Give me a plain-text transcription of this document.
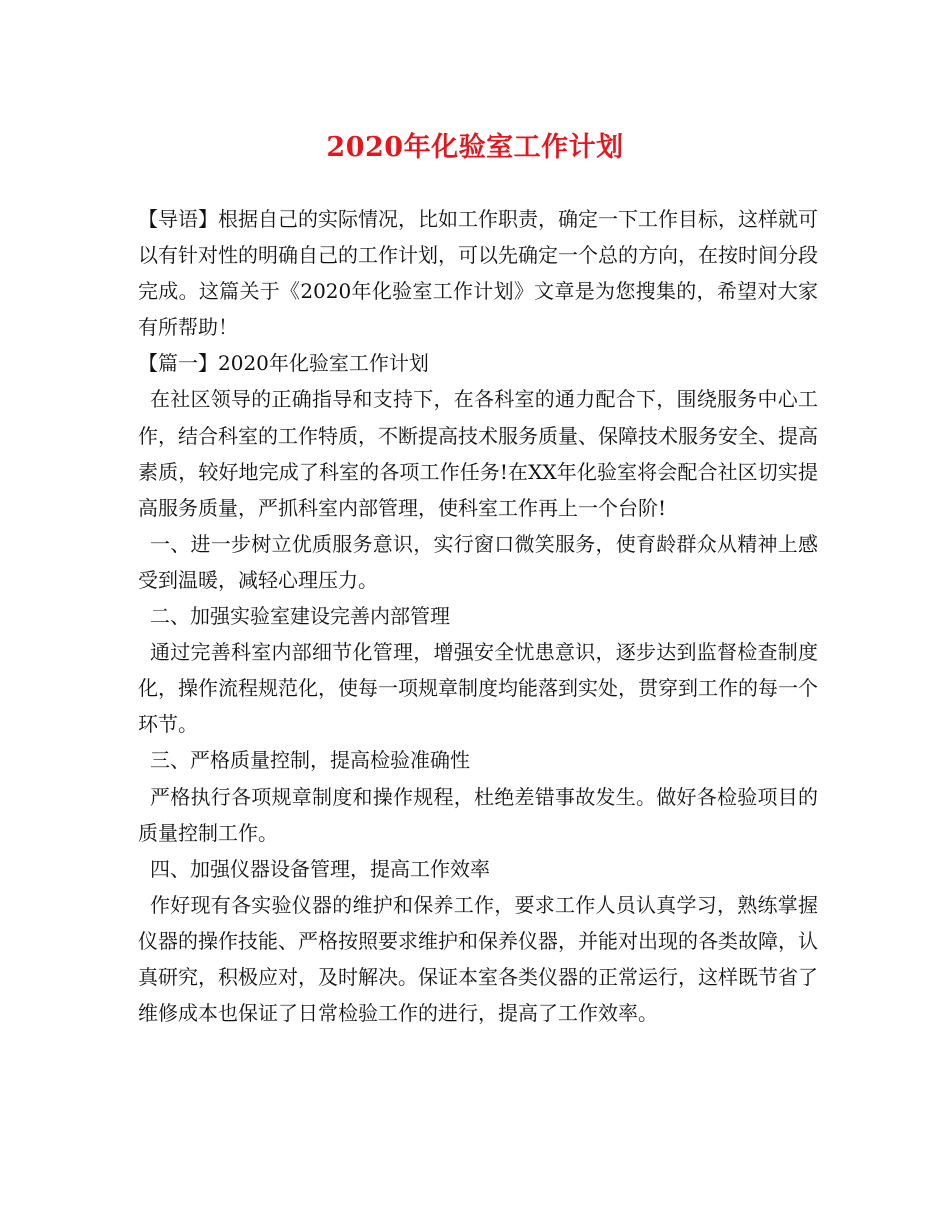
2020年化验室工作计划

【导语】根据自己的实际情况，比如工作职责，确定一下工作目标，这样就可以有针对性的明确自己的工作计划，可以先确定一个总的方向，在按时间分段完成。这篇关于《2020年化验室工作计划》文章是为您搜集的，希望对大家有所帮助！

【篇一】2020年化验室工作计划

在社区领导的正确指导和支持下，在各科室的通力配合下，围绕服务中心工作，结合科室的工作特质，不断提高技术服务质量、保障技术服务安全、提高素质，较好地完成了科室的各项工作任务!在XX年化验室将会配合社区切实提高服务质量，严抓科室内部管理，使科室工作再上一个台阶!

一、进一步树立优质服务意识，实行窗口微笑服务，使育龄群众从精神上感受到温暖，减轻心理压力。

二、加强实验室建设完善内部管理

通过完善科室内部细节化管理，增强安全忧患意识，逐步达到监督检查制度化，操作流程规范化，使每一项规章制度均能落到实处，贯穿到工作的每一个环节。

三、严格质量控制，提高检验准确性

严格执行各项规章制度和操作规程，杜绝差错事故发生。做好各检验项目的质量控制工作。

四、加强仪器设备管理，提高工作效率

作好现有各实验仪器的维护和保养工作，要求工作人员认真学习，熟练掌握仪器的操作技能、严格按照要求维护和保养仪器，并能对出现的各类故障，认真研究，积极应对，及时解决。保证本室各类仪器的正常运行，这样既节省了维修成本也保证了日常检验工作的进行，提高了工作效率。
